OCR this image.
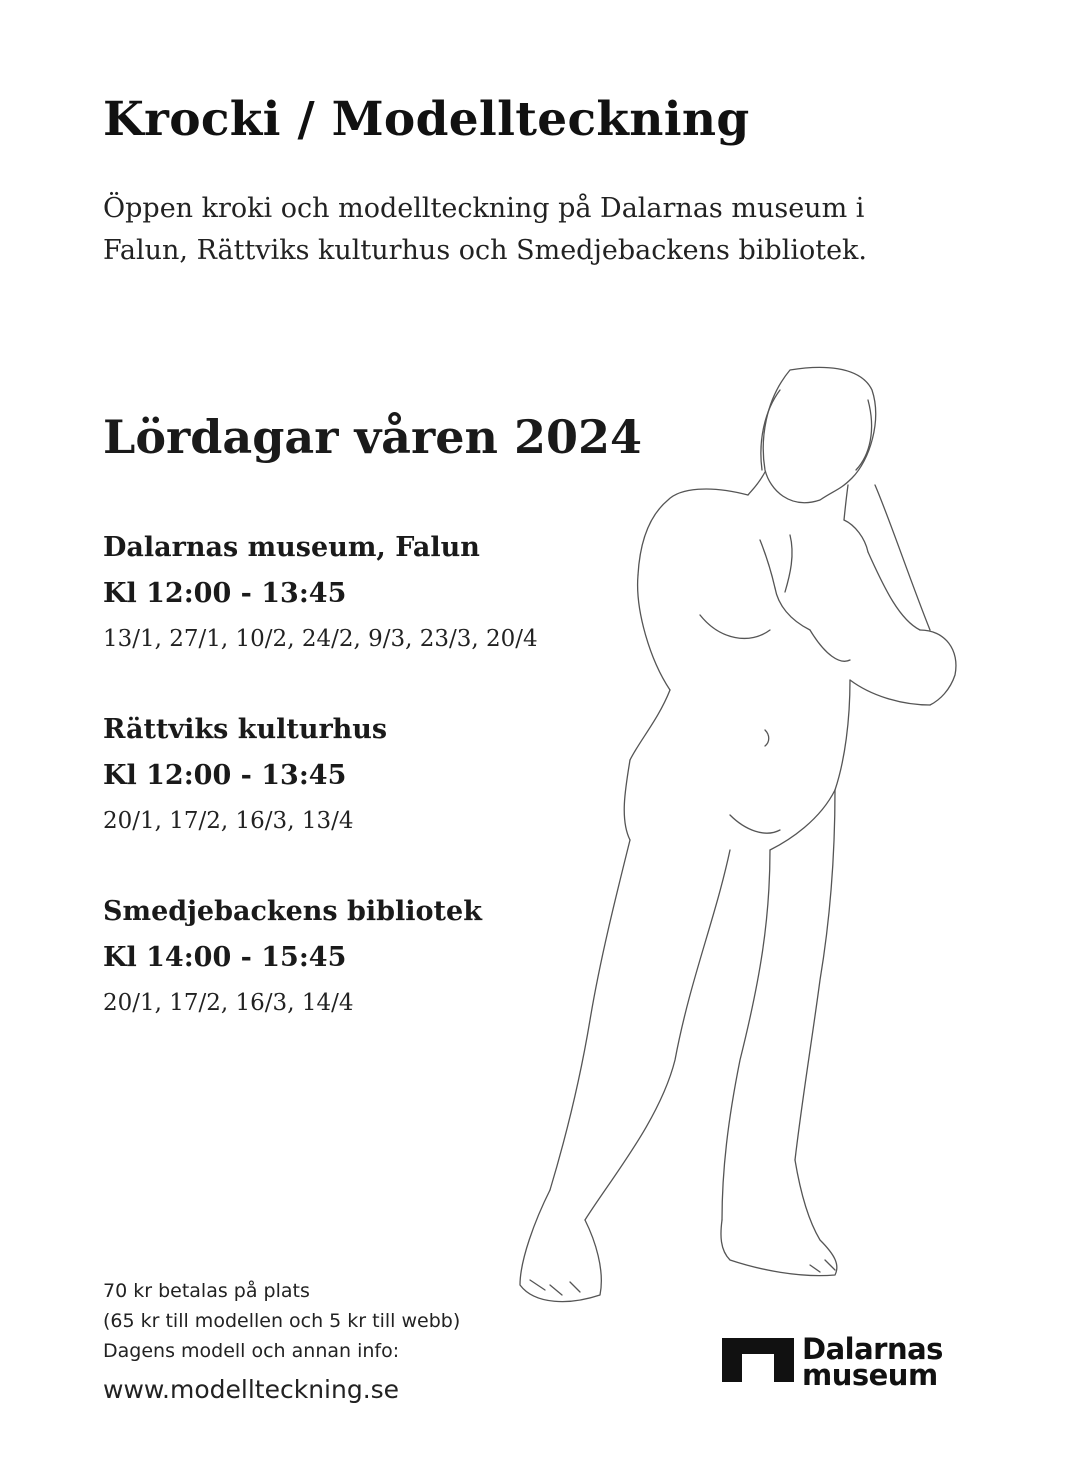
Krocki / Modellteckning

Öppen kroki och modellteckning på Dalarnas museum i
Falun, Rättviks kulturhus och Smedjebackens bibliotek.

Lördagar våren 2024
Dalarnas museum, Falun
Kl 12:00 - 13:45
13/1, 27/1, 10/2, 24/2, 9/3, 23/3, 20/4
Rättviks kulturhus
Kl 12:00 - 13:45
20/1, 17/2, 16/3, 13/4
Smedjebackens bibliotek
Kl 14:00 - 15:45
20/1, 17/2, 16/3, 14/4
70 kr betalas på plats
(65 kr till modellen och 5 kr till webb)
Dagens modell och annan info:
www.modellteckning.se
Dalarnas
museum
